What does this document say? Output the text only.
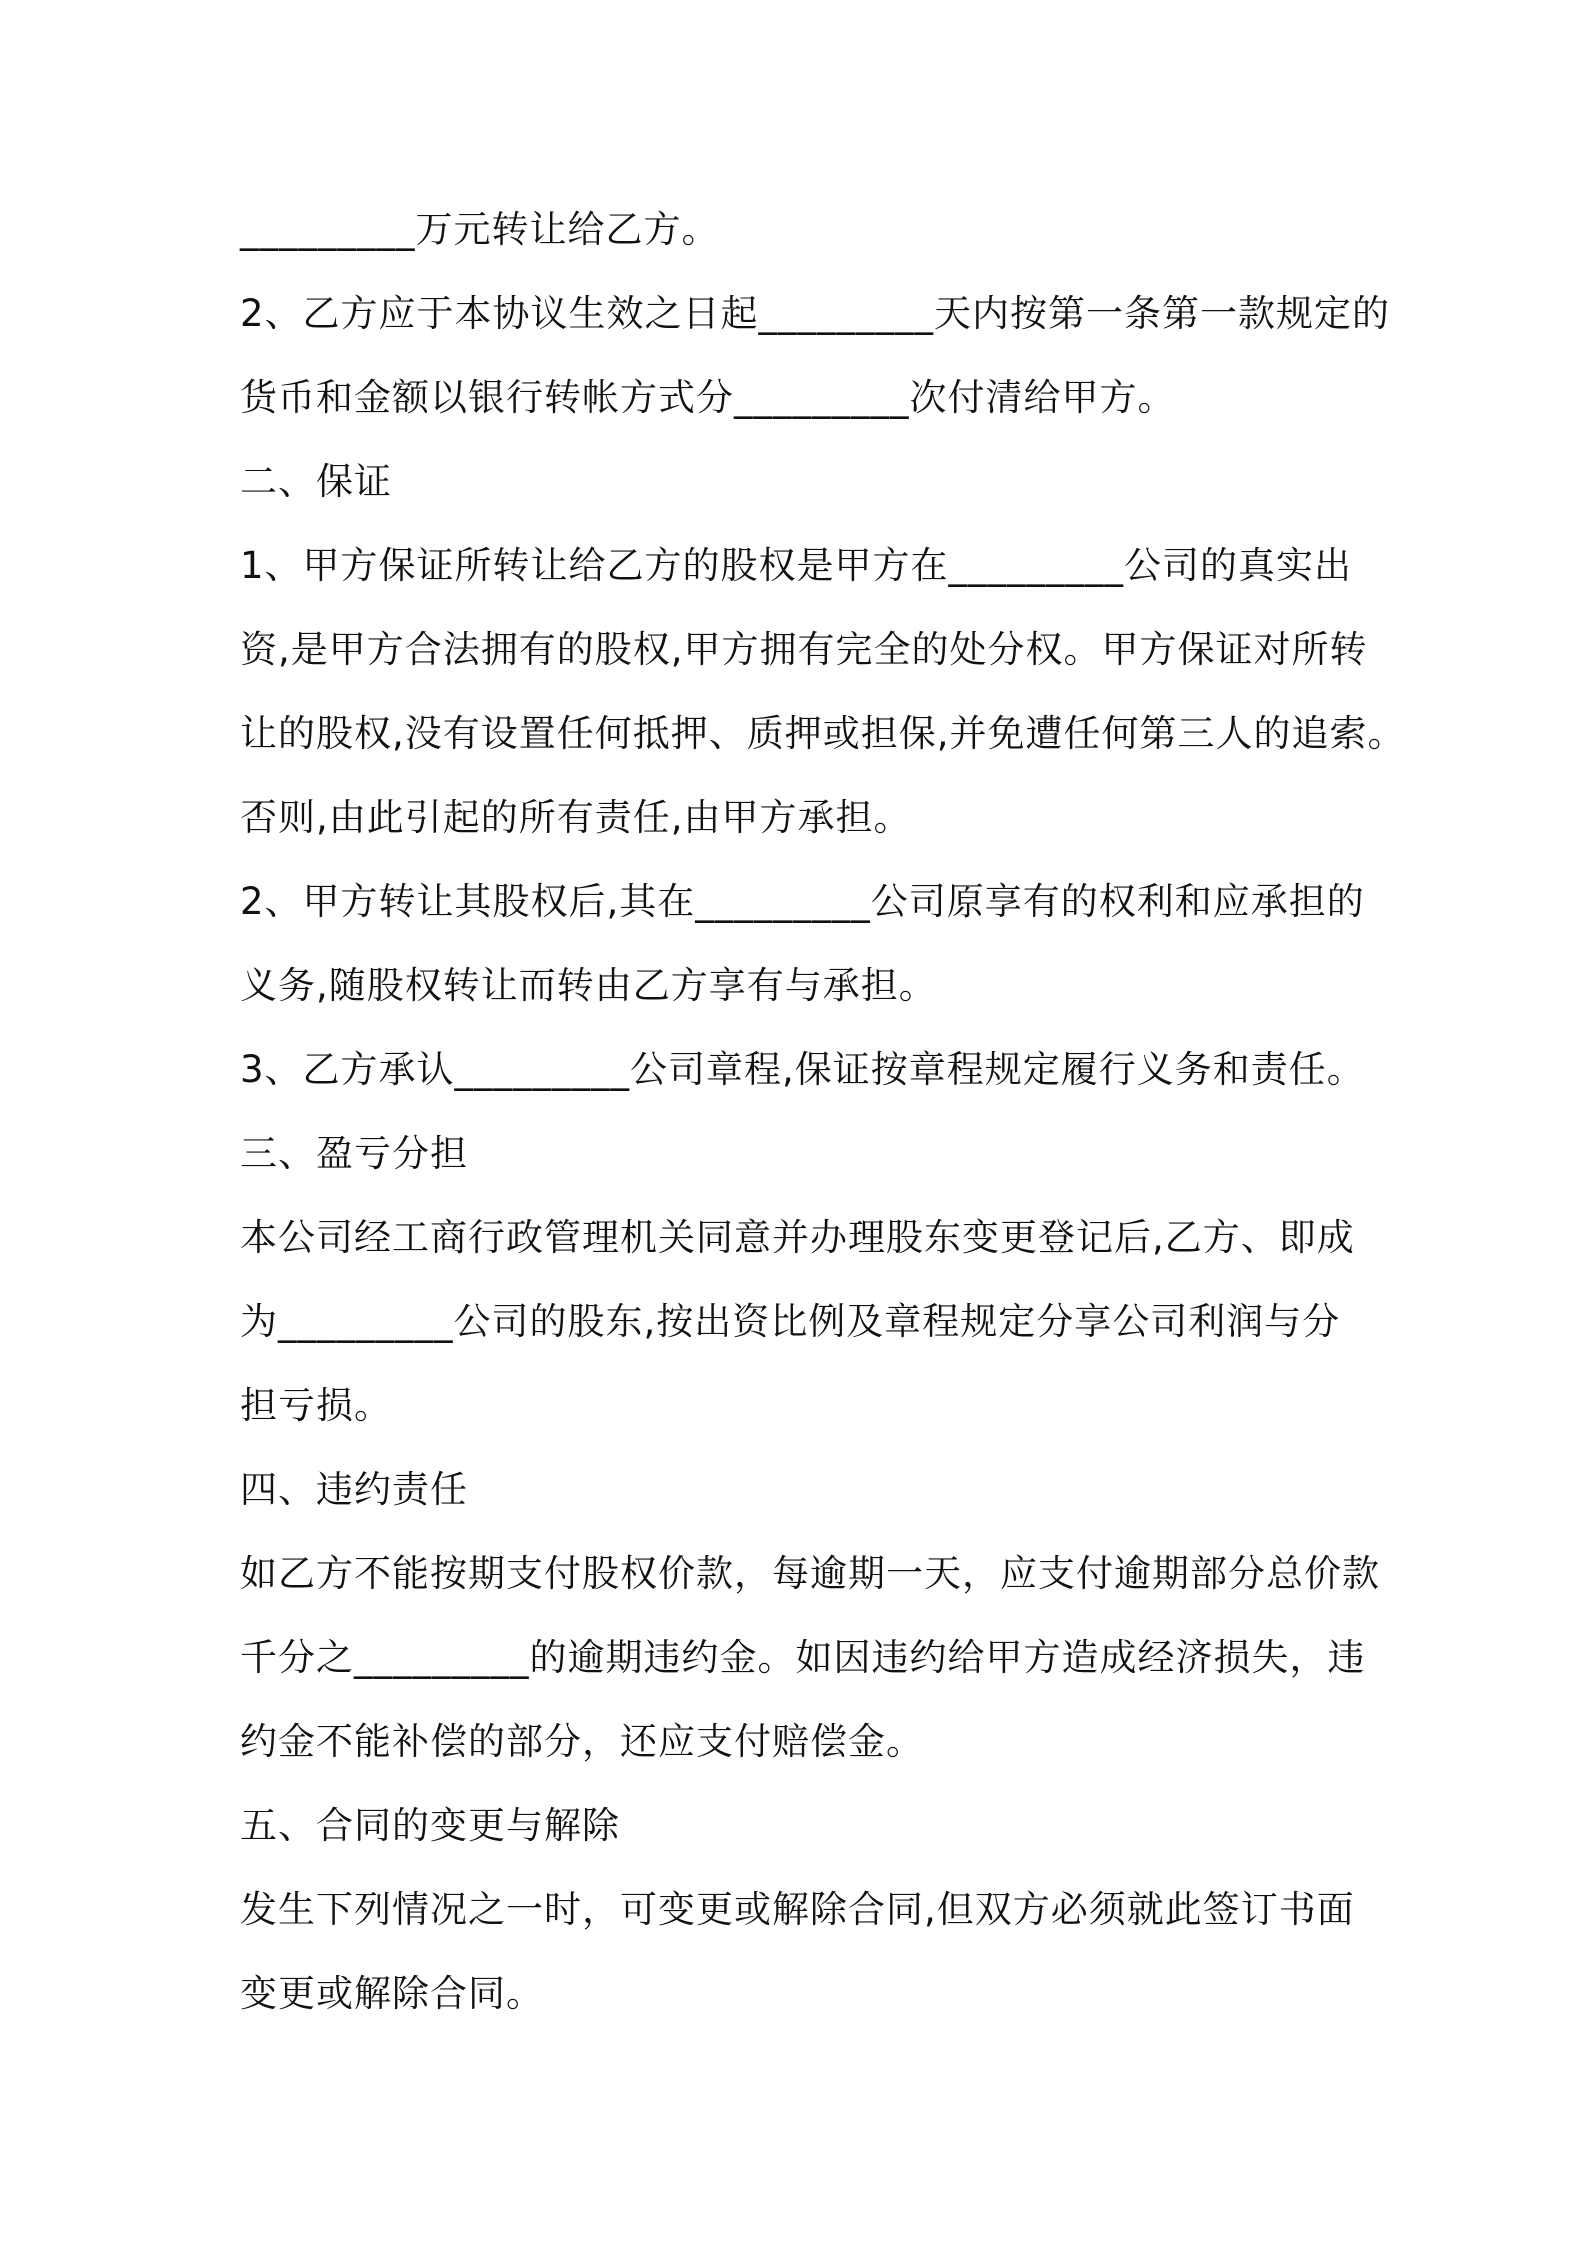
_________万元转让给乙方。
2、乙方应于本协议生效之日起_________天内按第一条第一款规定的
货币和金额以银行转帐方式分_________次付清给甲方。
二、保证
1、甲方保证所转让给乙方的股权是甲方在_________公司的真实出
资,是甲方合法拥有的股权,甲方拥有完全的处分权。甲方保证对所转
让的股权,没有设置任何抵押、质押或担保,并免遭任何第三人的追索。
否则,由此引起的所有责任,由甲方承担。
2、甲方转让其股权后,其在_________公司原享有的权利和应承担的
义务,随股权转让而转由乙方享有与承担。
3、乙方承认_________公司章程,保证按章程规定履行义务和责任。
三、盈亏分担
本公司经工商行政管理机关同意并办理股东变更登记后,乙方、即成
为_________公司的股东,按出资比例及章程规定分享公司利润与分
担亏损。
四、违约责任
如乙方不能按期支付股权价款，每逾期一天，应支付逾期部分总价款
千分之_________的逾期违约金。如因违约给甲方造成经济损失，违
约金不能补偿的部分，还应支付赔偿金。
五、合同的变更与解除
发生下列情况之一时，可变更或解除合同,但双方必须就此签订书面
变更或解除合同。
